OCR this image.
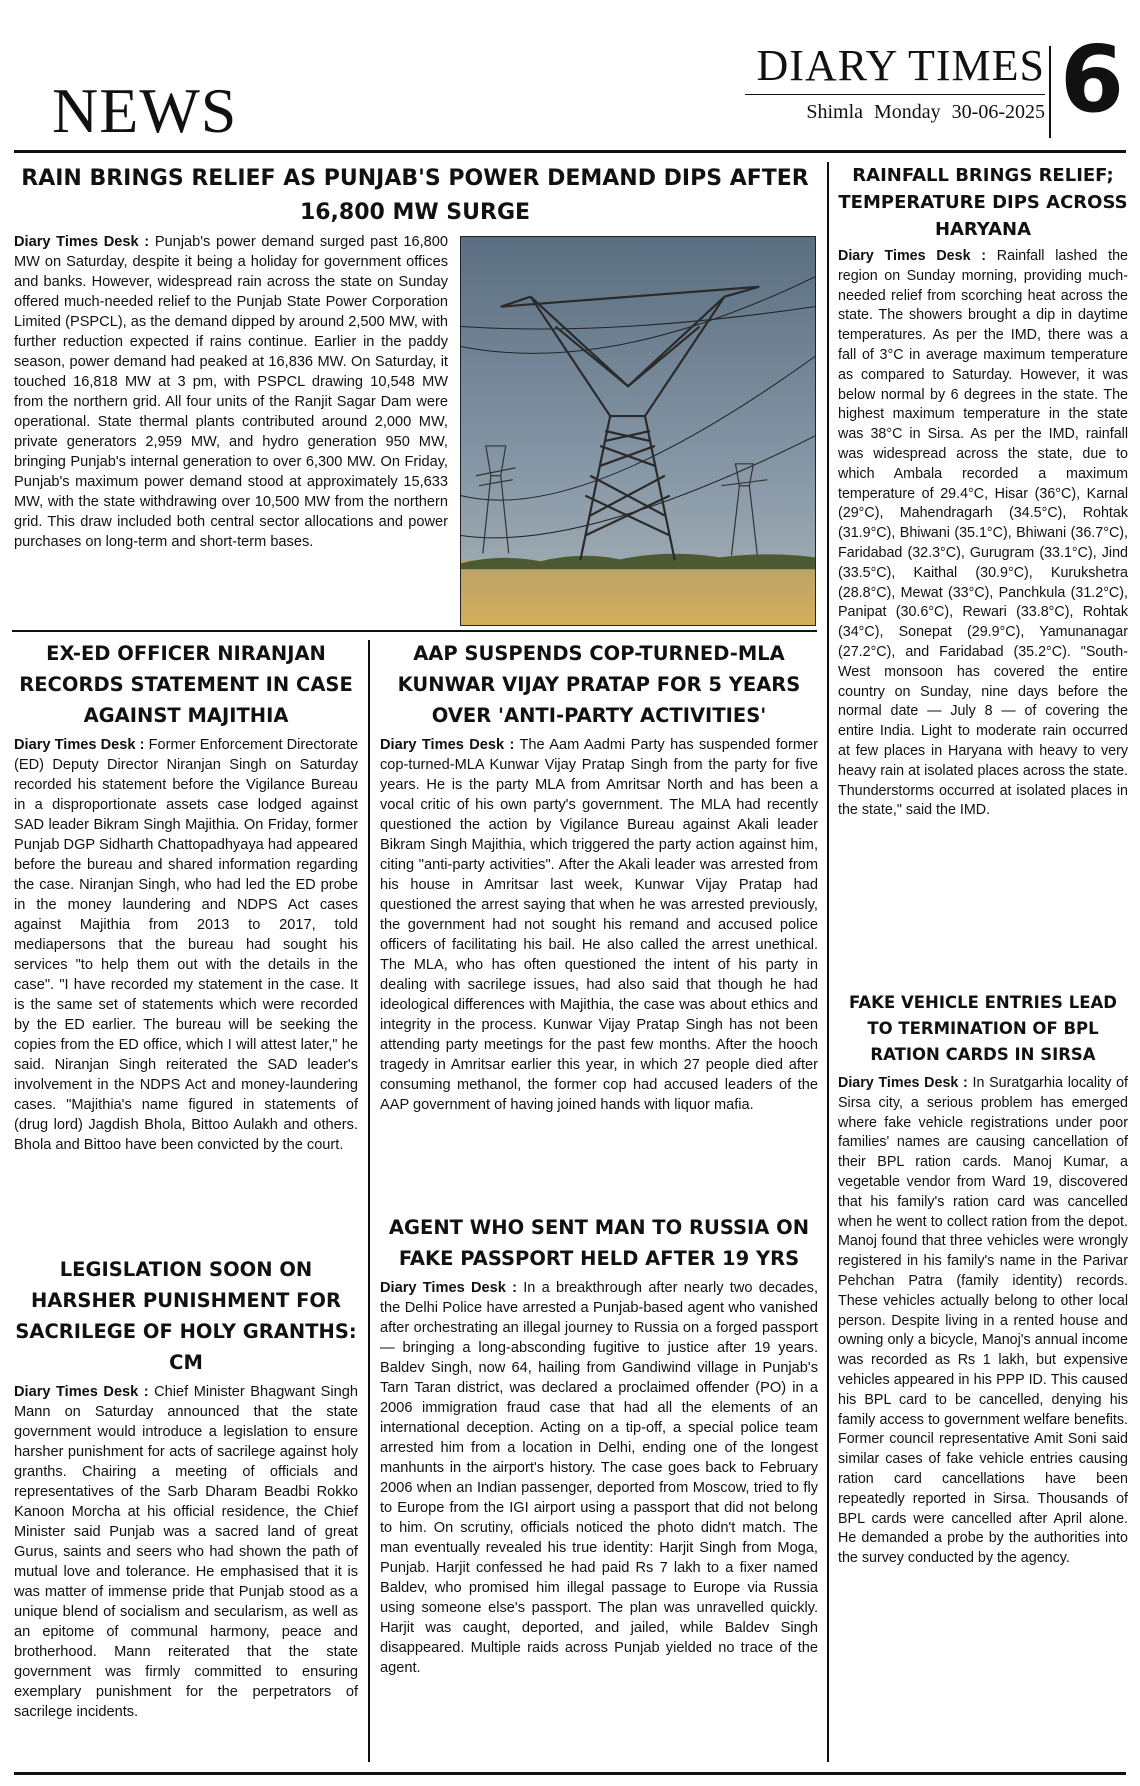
NEWS
DIARY TIMES
Shimla Monday 30-06-2025 6
RAIN BRINGS RELIEF AS PUNJAB'S POWER DEMAND DIPS AFTER 16,800 MW SURGE

Diary Times Desk : Punjab's power demand surged past 16,800 MW on Saturday, despite it being a holiday for government offices and banks. However, widespread rain across the state on Sunday offered much-needed relief to the Punjab State Power Corporation Limited (PSPCL), as the demand dipped by around 2,500 MW, with further reduction expected if rains continue. Earlier in the paddy season, power demand had peaked at 16,836 MW. On Saturday, it touched 16,818 MW at 3 pm, with PSPCL drawing 10,548 MW from the northern grid. All four units of the Ranjit Sagar Dam were operational. State thermal plants contributed around 2,000 MW, private generators 2,959 MW, and hydro generation 950 MW, bringing Punjab's internal generation to over 6,300 MW. On Friday, Punjab's maximum power demand stood at approximately 15,633 MW, with the state withdrawing over 10,500 MW from the northern grid. This draw included both central sector allocations and power purchases on long-term and short-term bases.

RAINFALL BRINGS RELIEF; TEMPERATURE DIPS ACROSS HARYANA

Diary Times Desk : Rainfall lashed the region on Sunday morning, providing much-needed relief from scorching heat across the state. The showers brought a dip in daytime temperatures. As per the IMD, there was a fall of 3°C in average maximum temperature as compared to Saturday. However, it was below normal by 6 degrees in the state. The highest maximum temperature in the state was 38°C in Sirsa. As per the IMD, rainfall was widespread across the state, due to which Ambala recorded a maximum temperature of 29.4°C, Hisar (36°C), Karnal (29°C), Mahendragarh (34.5°C), Rohtak (31.9°C), Bhiwani (35.1°C), Bhiwani (36.7°C), Faridabad (32.3°C), Gurugram (33.1°C), Jind (33.5°C), Kaithal (30.9°C), Kurukshetra (28.8°C), Mewat (33°C), Panchkula (31.2°C), Panipat (30.6°C), Rewari (33.8°C), Rohtak (34°C), Sonepat (29.9°C), Yamunanagar (27.2°C), and Faridabad (35.2°C). "South-West monsoon has covered the entire country on Sunday, nine days before the normal date — July 8 — of covering the entire India. Light to moderate rain occurred at few places in Haryana with heavy to very heavy rain at isolated places across the state. Thunderstorms occurred at isolated places in the state," said the IMD.

FAKE VEHICLE ENTRIES LEAD TO TERMINATION OF BPL RATION CARDS IN SIRSA

Diary Times Desk : In Suratgarhia locality of Sirsa city, a serious problem has emerged where fake vehicle registrations under poor families' names are causing cancellation of their BPL ration cards. Manoj Kumar, a vegetable vendor from Ward 19, discovered that his family's ration card was cancelled when he went to collect ration from the depot. Manoj found that three vehicles were wrongly registered in his family's name in the Parivar Pehchan Patra (family identity) records. These vehicles actually belong to other local person. Despite living in a rented house and owning only a bicycle, Manoj's annual income was recorded as Rs 1 lakh, but expensive vehicles appeared in his PPP ID. This caused his BPL card to be cancelled, denying his family access to government welfare benefits. Former council representative Amit Soni said similar cases of fake vehicle entries causing ration card cancellations have been repeatedly reported in Sirsa. Thousands of BPL cards were cancelled after April alone. He demanded a probe by the authorities into the survey conducted by the agency.

EX-ED OFFICER NIRANJAN RECORDS STATEMENT IN CASE AGAINST MAJITHIA

Diary Times Desk : Former Enforcement Directorate (ED) Deputy Director Niranjan Singh on Saturday recorded his statement before the Vigilance Bureau in a disproportionate assets case lodged against SAD leader Bikram Singh Majithia. On Friday, former Punjab DGP Sidharth Chattopadhyaya had appeared before the bureau and shared information regarding the case. Niranjan Singh, who had led the ED probe in the money laundering and NDPS Act cases against Majithia from 2013 to 2017, told mediapersons that the bureau had sought his services "to help them out with the details in the case". "I have recorded my statement in the case. It is the same set of statements which were recorded by the ED earlier. The bureau will be seeking the copies from the ED office, which I will attest later," he said. Niranjan Singh reiterated the SAD leader's involvement in the NDPS Act and money-laundering cases. "Majithia's name figured in statements of (drug lord) Jagdish Bhola, Bittoo Aulakh and others. Bhola and Bittoo have been convicted by the court.

LEGISLATION SOON ON HARSHER PUNISHMENT FOR SACRILEGE OF HOLY GRANTHS: CM

Diary Times Desk : Chief Minister Bhagwant Singh Mann on Saturday announced that the state government would introduce a legislation to ensure harsher punishment for acts of sacrilege against holy granths. Chairing a meeting of officials and representatives of the Sarb Dharam Beadbi Rokko Kanoon Morcha at his official residence, the Chief Minister said Punjab was a sacred land of great Gurus, saints and seers who had shown the path of mutual love and tolerance. He emphasised that it is was matter of immense pride that Punjab stood as a unique blend of socialism and secularism, as well as an epitome of communal harmony, peace and brotherhood. Mann reiterated that the state government was firmly committed to ensuring exemplary punishment for the perpetrators of sacrilege incidents.

AAP SUSPENDS COP-TURNED-MLA KUNWAR VIJAY PRATAP FOR 5 YEARS OVER 'ANTI-PARTY ACTIVITIES'

Diary Times Desk : The Aam Aadmi Party has suspended former cop-turned-MLA Kunwar Vijay Pratap Singh from the party for five years. He is the party MLA from Amritsar North and has been a vocal critic of his own party's government. The MLA had recently questioned the action by Vigilance Bureau against Akali leader Bikram Singh Majithia, which triggered the party action against him, citing "anti-party activities". After the Akali leader was arrested from his house in Amritsar last week, Kunwar Vijay Pratap had questioned the arrest saying that when he was arrested previously, the government had not sought his remand and accused police officers of facilitating his bail. He also called the arrest unethical. The MLA, who has often questioned the intent of his party in dealing with sacrilege issues, had also said that though he had ideological differences with Majithia, the case was about ethics and integrity in the process. Kunwar Vijay Pratap Singh has not been attending party meetings for the past few months. After the hooch tragedy in Amritsar earlier this year, in which 27 people died after consuming methanol, the former cop had accused leaders of the AAP government of having joined hands with liquor mafia.

AGENT WHO SENT MAN TO RUSSIA ON FAKE PASSPORT HELD AFTER 19 YRS

Diary Times Desk : In a breakthrough after nearly two decades, the Delhi Police have arrested a Punjab-based agent who vanished after orchestrating an illegal journey to Russia on a forged passport — bringing a long-absconding fugitive to justice after 19 years. Baldev Singh, now 64, hailing from Gandiwind village in Punjab's Tarn Taran district, was declared a proclaimed offender (PO) in a 2006 immigration fraud case that had all the elements of an international deception. Acting on a tip-off, a special police team arrested him from a location in Delhi, ending one of the longest manhunts in the airport's history. The case goes back to February 2006 when an Indian passenger, deported from Moscow, tried to fly to Europe from the IGI airport using a passport that did not belong to him. On scrutiny, officials noticed the photo didn't match. The man eventually revealed his true identity: Harjit Singh from Moga, Punjab. Harjit confessed he had paid Rs 7 lakh to a fixer named Baldev, who promised him illegal passage to Europe via Russia using someone else's passport. The plan was unravelled quickly. Harjit was caught, deported, and jailed, while Baldev Singh disappeared. Multiple raids across Punjab yielded no trace of the agent.
